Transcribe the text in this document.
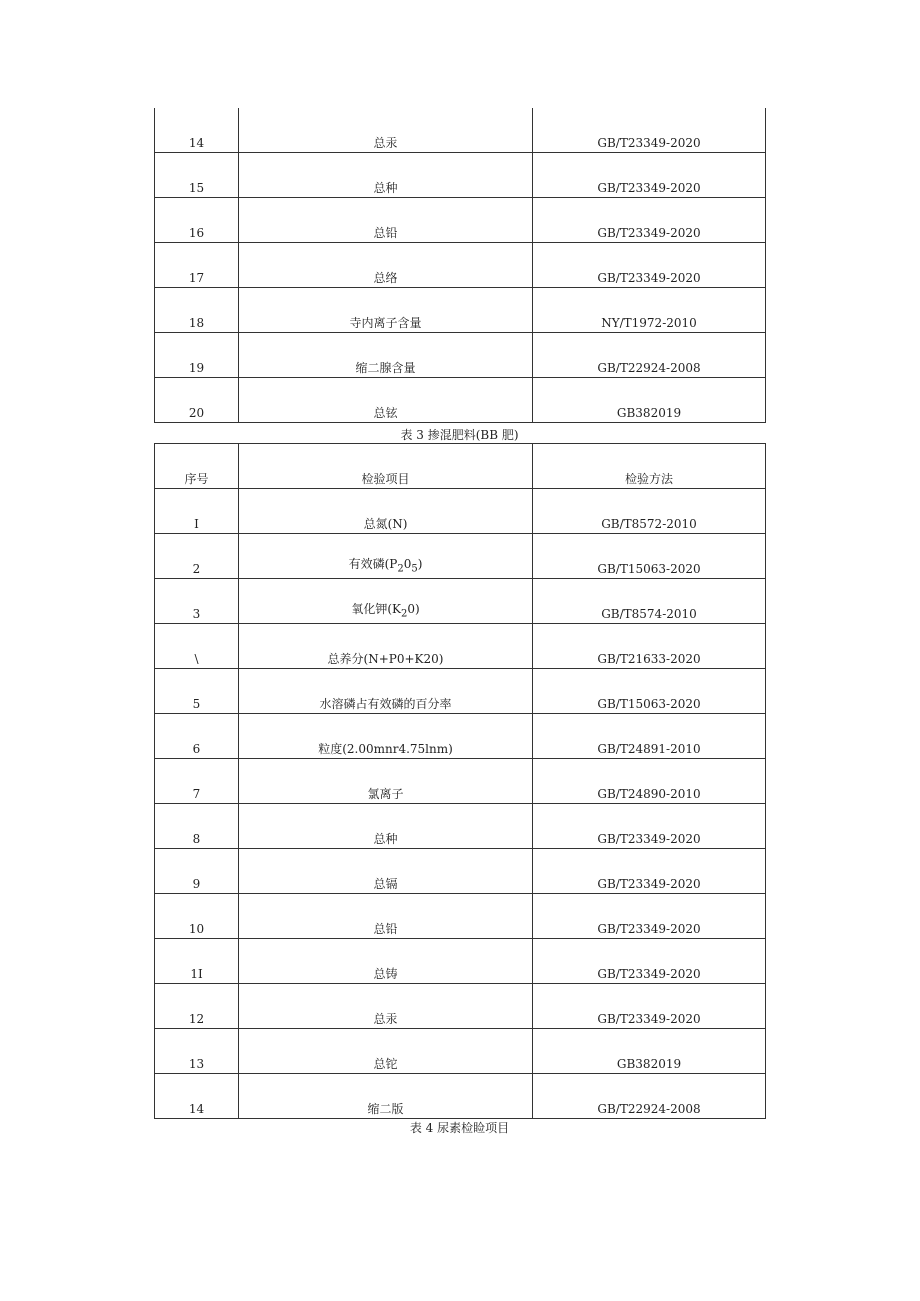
14	总汞	GB/T23349-2020
15	总种	GB/T23349-2020
16	总铅	GB/T23349-2020
17	总络	GB/T23349-2020
18	寺内离子含量	NY/T1972-2010
19	缩二腺含量	GB/T22924-2008
20	总铉	GB382019
表 3 掺混肥料(BB 肥)
序号	检验项目	检验方法
I	总氮(N)	GB/T8572-2010
2	有效磷$(P_20_5)$	GB/T15063-2020
3	氧化钾$(K_20)$	GB/T8574-2010
\	总养分(N+P0+K20)	GB/T21633-2020
5	水溶磷占有效磷的百分率	GB/T15063-2020
6	粒度(2.00mnr4.75lnm)	GB/T24891-2010
7	氯离子	GB/T24890-2010
8	总种	GB/T23349-2020
9	总镉	GB/T23349-2020
10	总铅	GB/T23349-2020
1I	总铸	GB/T23349-2020
12	总汞	GB/T23349-2020
13	总铊	GB382019
14	缩二版	GB/T22924-2008
表 4 尿素检睑项目
